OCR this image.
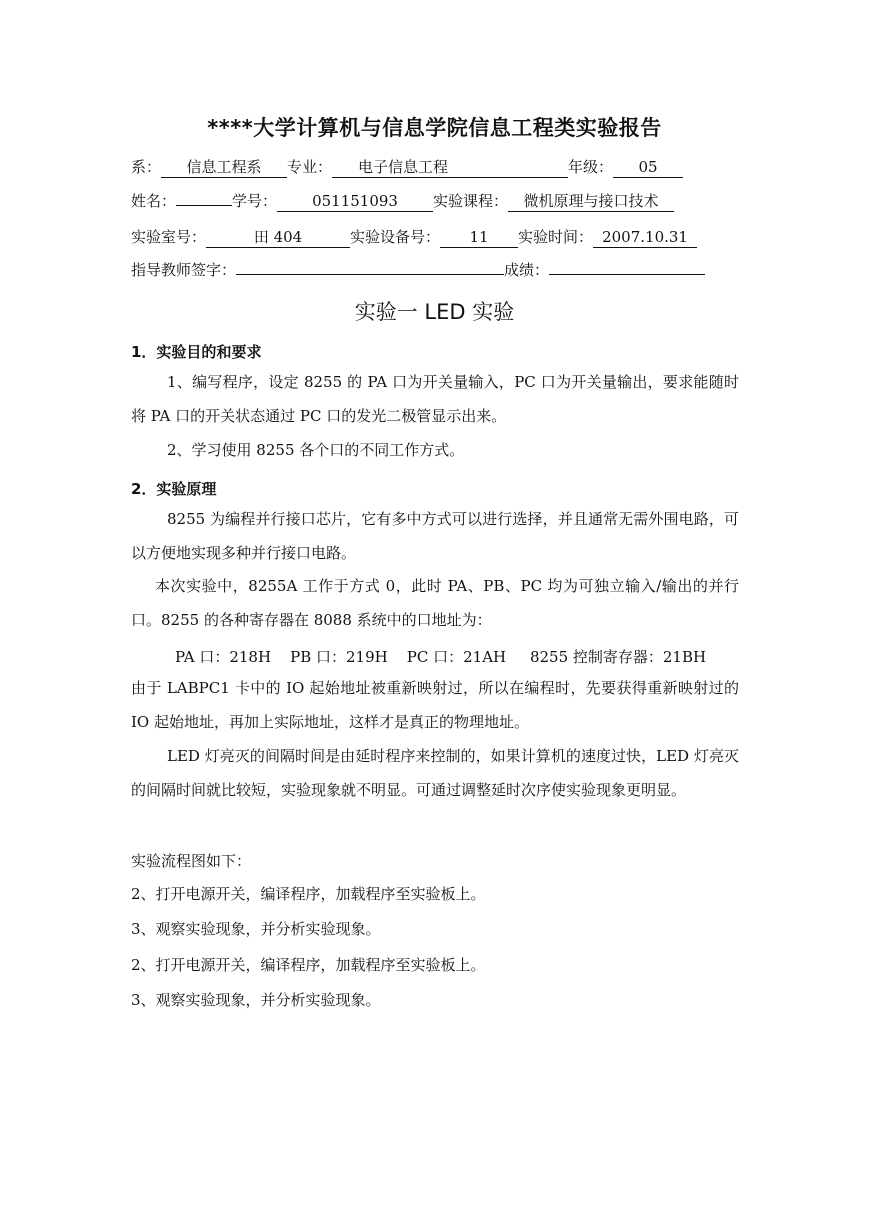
****大学计算机与信息学院信息工程类实验报告
系： 信息工程系 专业： 电子信息工程	年级： 05
姓名：	学号： 051151093 实验课程： 微机原理与接口技术
实验室号：	田 404	实验设备号： 11 实验时间： 2007.10.31
指导教师签字：	成绩：
实验一 LED 实验
1．实验目的和要求
1、编写程序，设定 8255 的 PA 口为开关量输入，PC 口为开关量输出，要求能随时将 PA 口的开关状态通过 PC 口的发光二极管显示出来。
2、学习使用 8255 各个口的不同工作方式。
2．实验原理
8255 为编程并行接口芯片，它有多中方式可以进行选择，并且通常无需外围电路，可以方便地实现多种并行接口电路。
本次实验中，8255A 工作于方式 0，此时 PA、PB、PC 均为可独立输入/输出的并行口。8255 的各种寄存器在 8088 系统中的口地址为：
PA 口：218H    PB 口：219H    PC 口：21AH     8255 控制寄存器：21BH
由于 LABPC1 卡中的 IO 起始地址被重新映射过，所以在编程时，先要获得重新映射过的 IO 起始地址，再加上实际地址，这样才是真正的物理地址。
LED 灯亮灭的间隔时间是由延时程序来控制的，如果计算机的速度过快，LED 灯亮灭的间隔时间就比较短，实验现象就不明显。可通过调整延时次序使实验现象更明显。
实验流程图如下：
2、打开电源开关，编译程序，加载程序至实验板上。
3、观察实验现象，并分析实验现象。
2、打开电源开关，编译程序，加载程序至实验板上。
3、观察实验现象，并分析实验现象。
